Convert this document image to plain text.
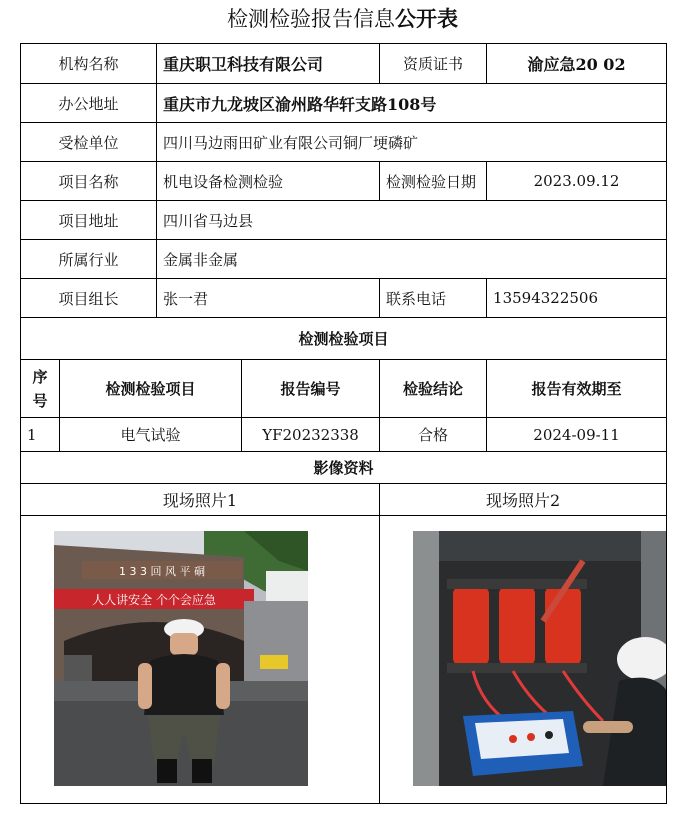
检测检验报告信息公开表
机构名称		重庆职卫科技有限公司		资质证书	渝应急20 02
办公地址		重庆市九龙坡区渝州路华轩支路108号			
受检单位		四川马边雨田矿业有限公司铜厂埂磷矿			
项目名称		机电设备检测检验		检测检验日期	2023.09.12
项目地址		四川省马边县			
所属行业		金属非金属			
项目组长		张一君		联系电话	13594322506
检测检验项目					
序号	检测检验项目		报告编号	检验结论	报告有效期至
1	电气试验		YF20232338	合格	2024-09-11
影像资料					
现场照片1				现场照片2	

1 3 3 回 风 平 硐
人人讲安全 个个会应急
